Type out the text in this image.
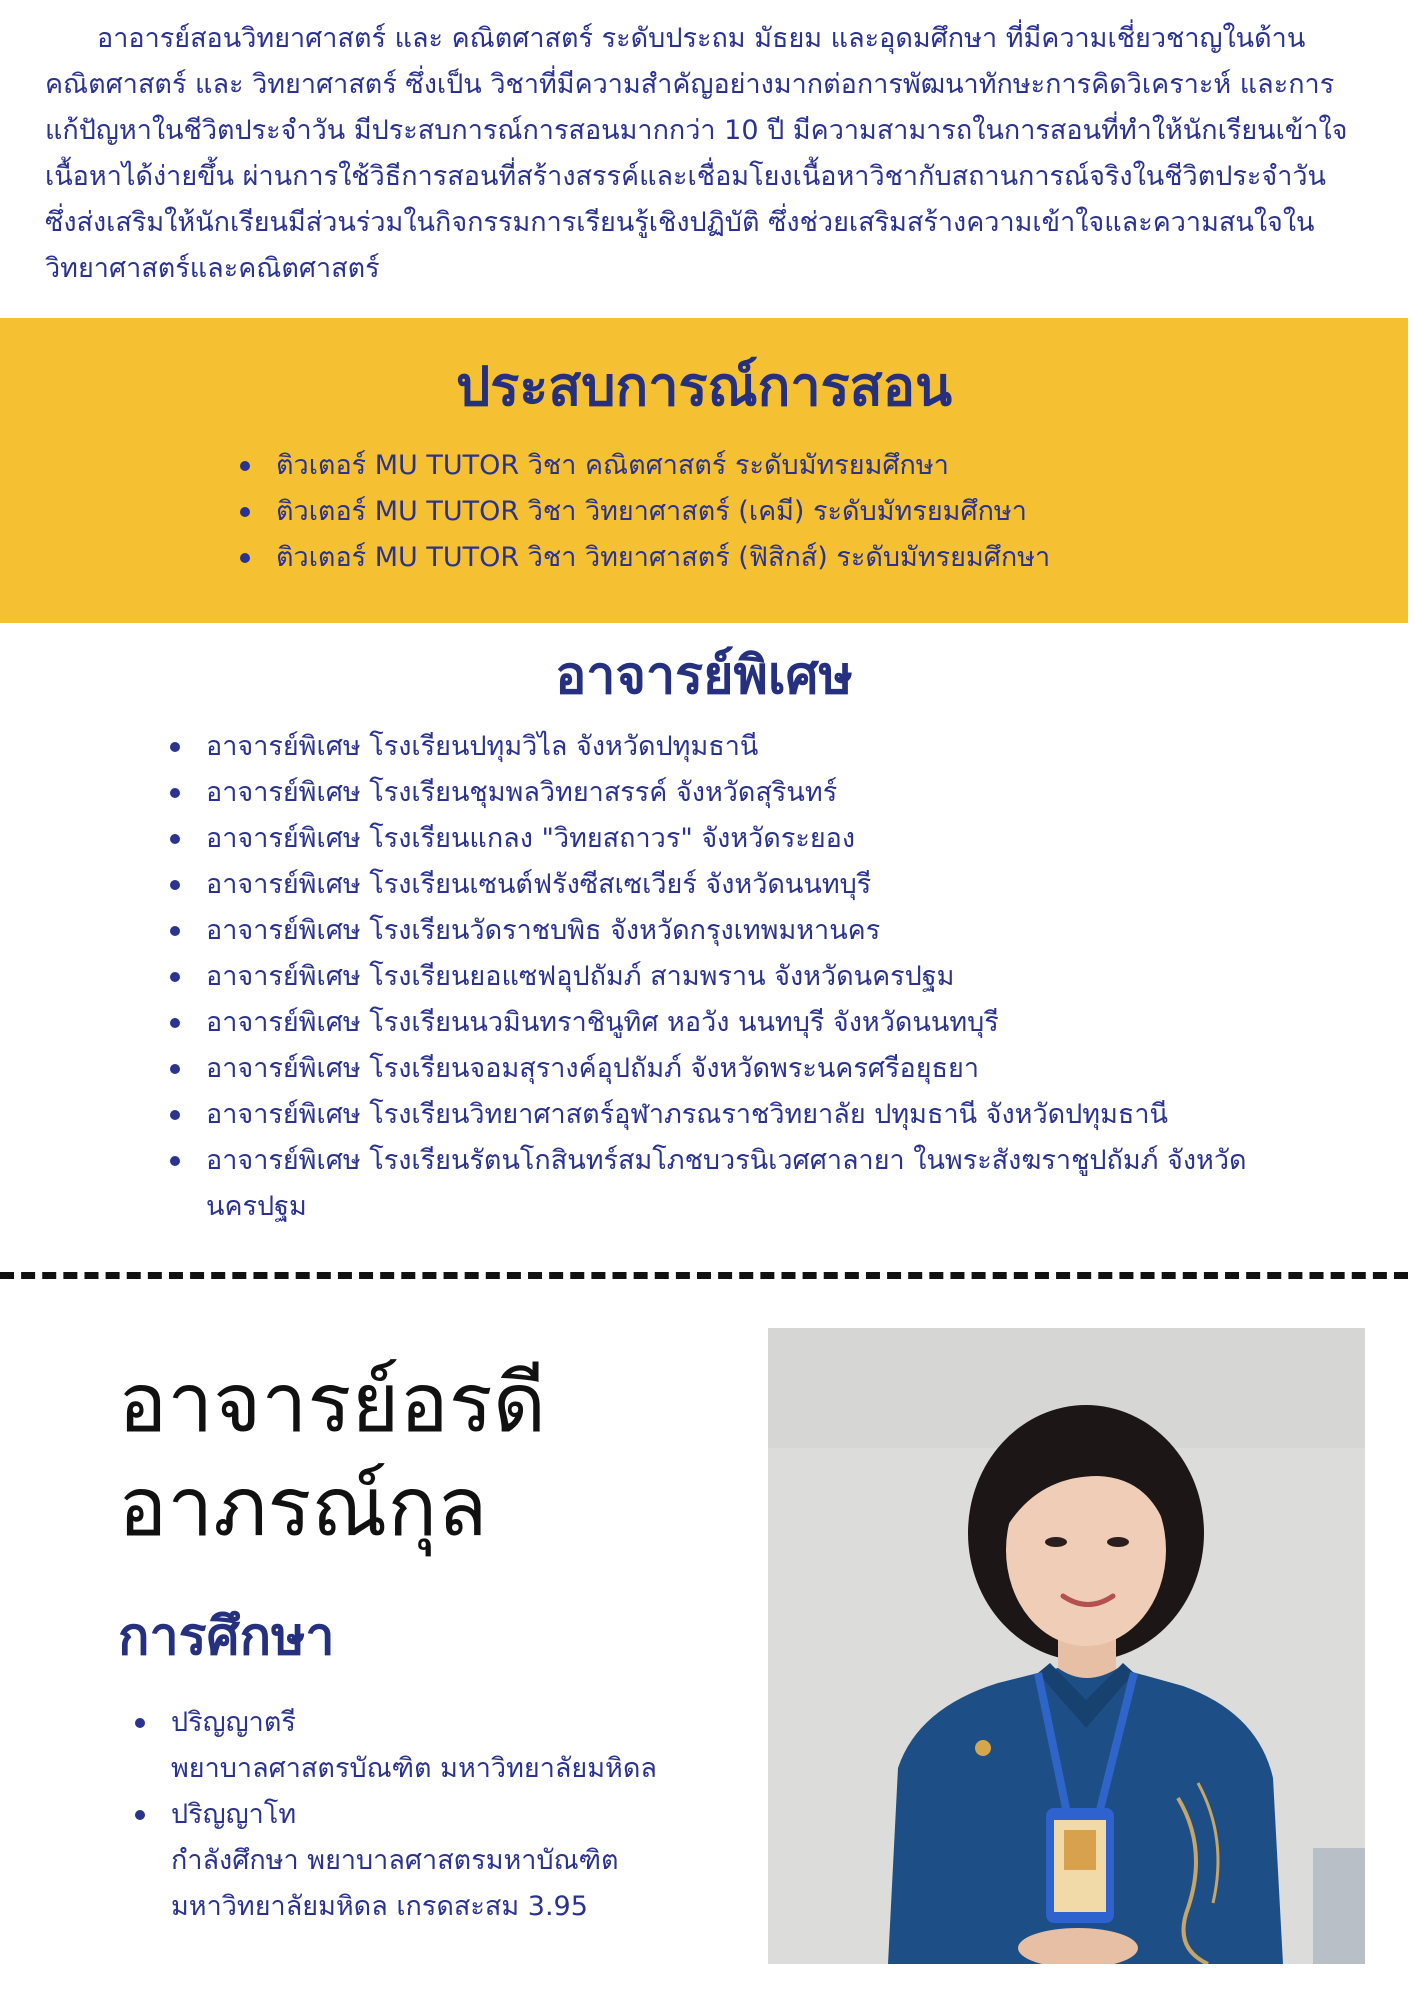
อาอารย์สอนวิทยาศาสตร์ และ คณิตศาสตร์ ระดับประถม มัธยม และอุดมศึกษา ที่มีความเชี่ยวชาญในด้านคณิตศาสตร์ และ วิทยาศาสตร์ ซึ่งเป็น วิชาที่มีความสำคัญอย่างมากต่อการพัฒนาทักษะการคิดวิเคราะห์ และการแก้ปัญหาในชีวิตประจำวัน มีประสบการณ์การสอนมากกว่า 10 ปี มีความสามารถในการสอนที่ทำให้นักเรียนเข้าใจเนื้อหาได้ง่ายขึ้น ผ่านการใช้วิธีการสอนที่สร้างสรรค์และเชื่อมโยงเนื้อหาวิชากับสถานการณ์จริงในชีวิตประจำวัน ซึ่งส่งเสริมให้นักเรียนมีส่วนร่วมในกิจกรรมการเรียนรู้เชิงปฏิบัติ ซึ่งช่วยเสริมสร้างความเข้าใจและความสนใจในวิทยาศาสตร์และคณิตศาสตร์

ประสบการณ์การสอน
ติวเตอร์ MU TUTOR วิชา คณิตศาสตร์ ระดับมัทรยมศึกษา
ติวเตอร์ MU TUTOR วิชา วิทยาศาสตร์ (เคมี) ระดับมัทรยมศึกษา
ติวเตอร์ MU TUTOR วิชา วิทยาศาสตร์ (ฟิสิกส์) ระดับมัทรยมศึกษา
อาจารย์พิเศษ
อาจารย์พิเศษ โรงเรียนปทุมวิไล จังหวัดปทุมธานี
อาจารย์พิเศษ โรงเรียนชุมพลวิทยาสรรค์ จังหวัดสุรินทร์
อาจารย์พิเศษ โรงเรียนแกลง "วิทยสถาวร" จังหวัดระยอง
อาจารย์พิเศษ โรงเรียนเซนต์ฟรังซีสเซเวียร์ จังหวัดนนทบุรี
อาจารย์พิเศษ โรงเรียนวัดราชบพิธ จังหวัดกรุงเทพมหานคร
อาจารย์พิเศษ โรงเรียนยอแซฟอุปถัมภ์ สามพราน จังหวัดนครปฐม
อาจารย์พิเศษ โรงเรียนนวมินทราชินูทิศ หอวัง นนทบุรี จังหวัดนนทบุรี
อาจารย์พิเศษ โรงเรียนจอมสุรางค์อุปถัมภ์ จังหวัดพระนครศรีอยุธยา
อาจารย์พิเศษ โรงเรียนวิทยาศาสตร์อุฬาภรณราชวิทยาลัย ปทุมธานี จังหวัดปทุมธานี
อาจารย์พิเศษ โรงเรียนรัตนโกสินทร์สมโภชบวรนิเวศศาลายา ในพระสังฆราชูปถัมภ์ จังหวัดนครปฐม
อาจารย์อรดี
อาภรณ์กุล
การศึกษา
ปริญญาตรี
พยาบาลศาสตรบัณฑิต มหาวิทยาลัยมหิดล
ปริญญาโท
กำลังศึกษา พยาบาลศาสตรมหาบัณฑิต มหาวิทยาลัยมหิดล เกรดสะสม 3.95
